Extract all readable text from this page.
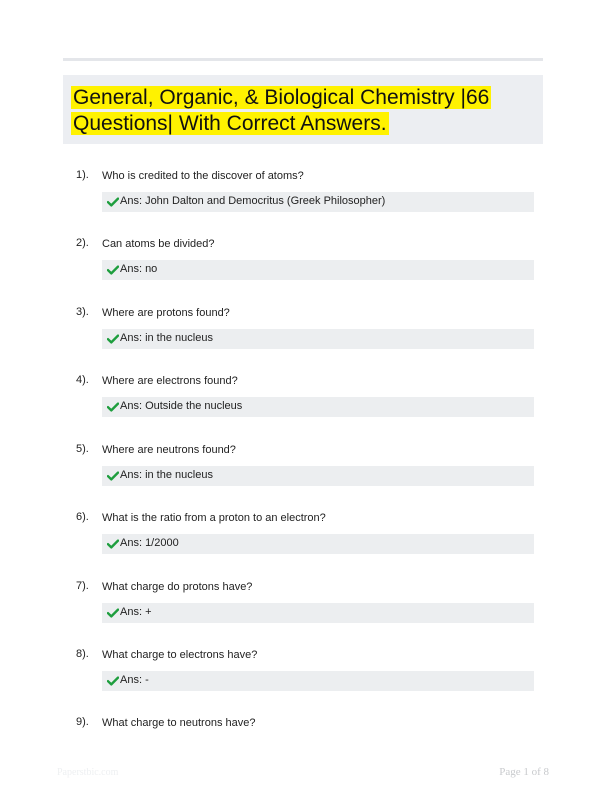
General, Organic, & Biological Chemistry |66 Questions| With Correct Answers.
1). Who is credited to the discover of atoms?
Ans: John Dalton and Democritus (Greek Philosopher)
2). Can atoms be divided?
Ans: no
3). Where are protons found?
Ans: in the nucleus
4). Where are electrons found?
Ans: Outside the nucleus
5). Where are neutrons found?
Ans: in the nucleus
6). What is the ratio from a proton to an electron?
Ans: 1/2000
7). What charge do protons have?
Ans: +
8). What charge to electrons have?
Ans: -
9). What charge to neutrons have?
Paperstbic.com	Page 1 of 8
